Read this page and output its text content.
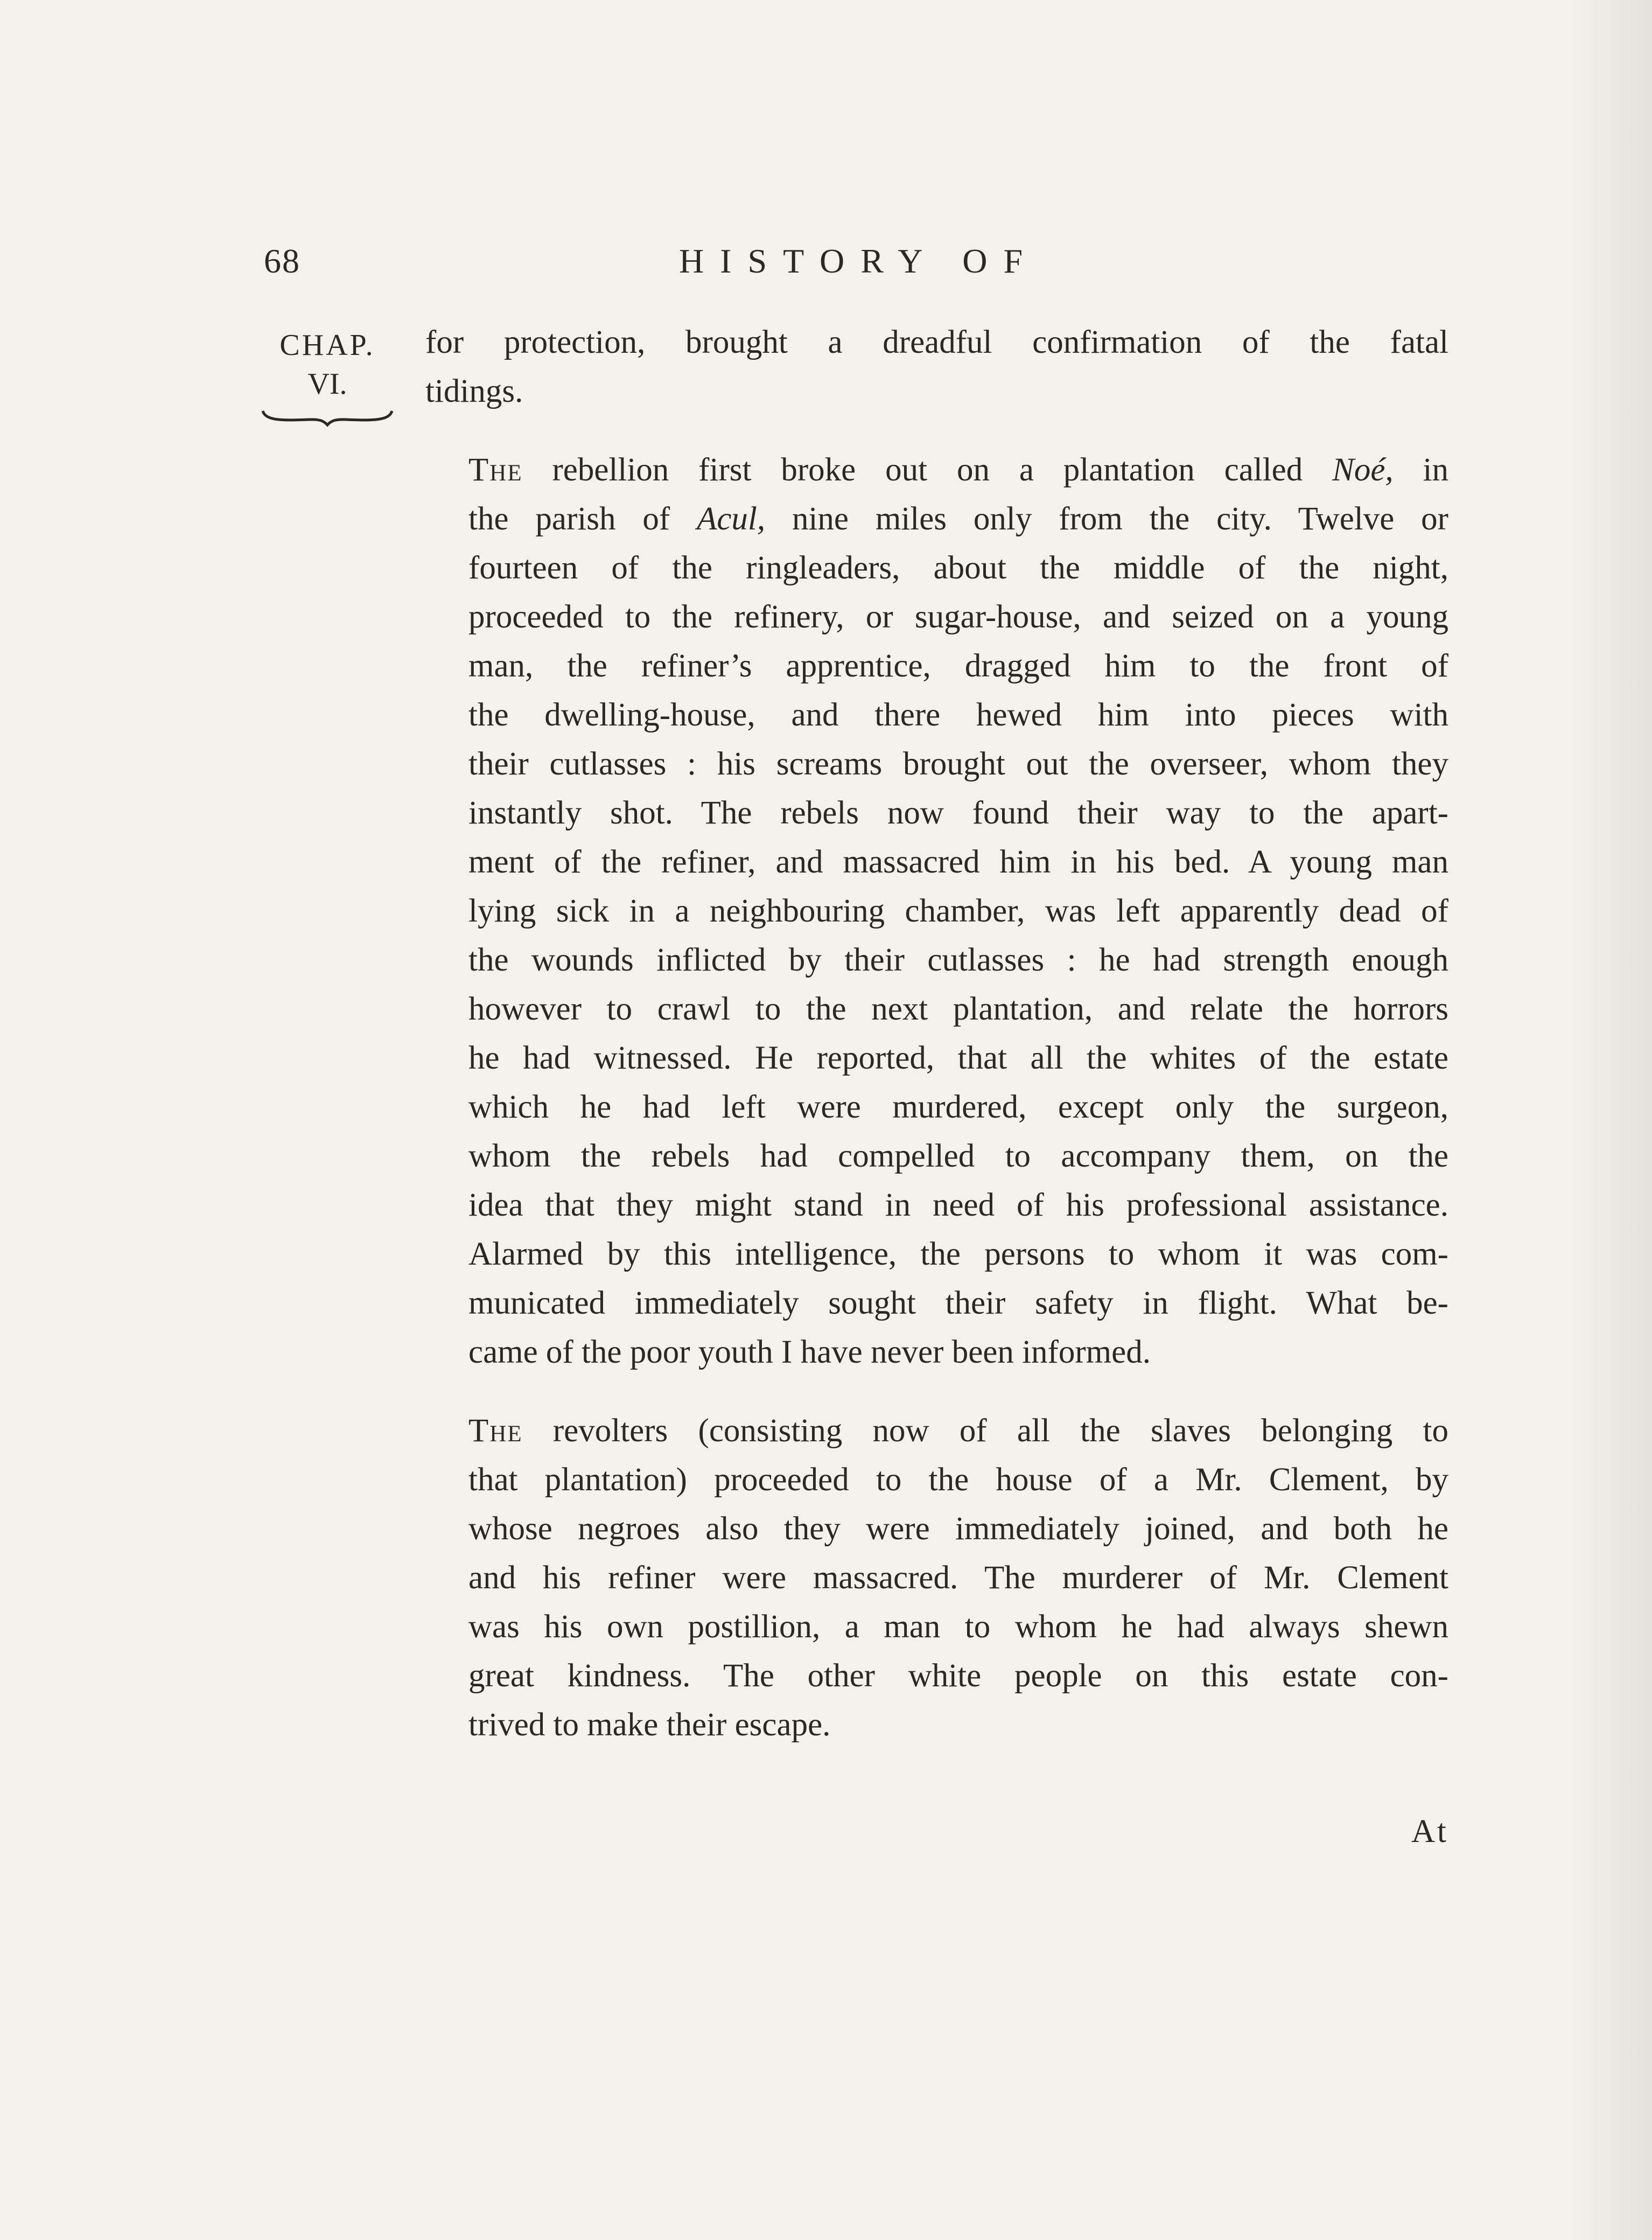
68	HISTORY OF
CHAP.
VI.

for protection, brought a dreadful confirmation of the fatal
tidings.

The rebellion first broke out on a plantation called Noé, in
the parish of Acul, nine miles only from the city. Twelve or
fourteen of the ringleaders, about the middle of the night,
proceeded to the refinery, or sugar-house, and seized on a young
man, the refiner’s apprentice, dragged him to the front of
the dwelling-house, and there hewed him into pieces with
their cutlasses : his screams brought out the overseer, whom they
instantly shot. The rebels now found their way to the apart-
ment of the refiner, and massacred him in his bed. A young man
lying sick in a neighbouring chamber, was left apparently dead of
the wounds inflicted by their cutlasses : he had strength enough
however to crawl to the next plantation, and relate the horrors
he had witnessed. He reported, that all the whites of the estate
which he had left were murdered, except only the surgeon,
whom the rebels had compelled to accompany them, on the
idea that they might stand in need of his professional assistance.
Alarmed by this intelligence, the persons to whom it was com-
municated immediately sought their safety in flight. What be-
came of the poor youth I have never been informed.

The revolters (consisting now of all the slaves belonging to
that plantation) proceeded to the house of a Mr. Clement, by
whose negroes also they were immediately joined, and both he
and his refiner were massacred. The murderer of Mr. Clement
was his own postillion, a man to whom he had always shewn
great kindness. The other white people on this estate con-
trived to make their escape.

At
